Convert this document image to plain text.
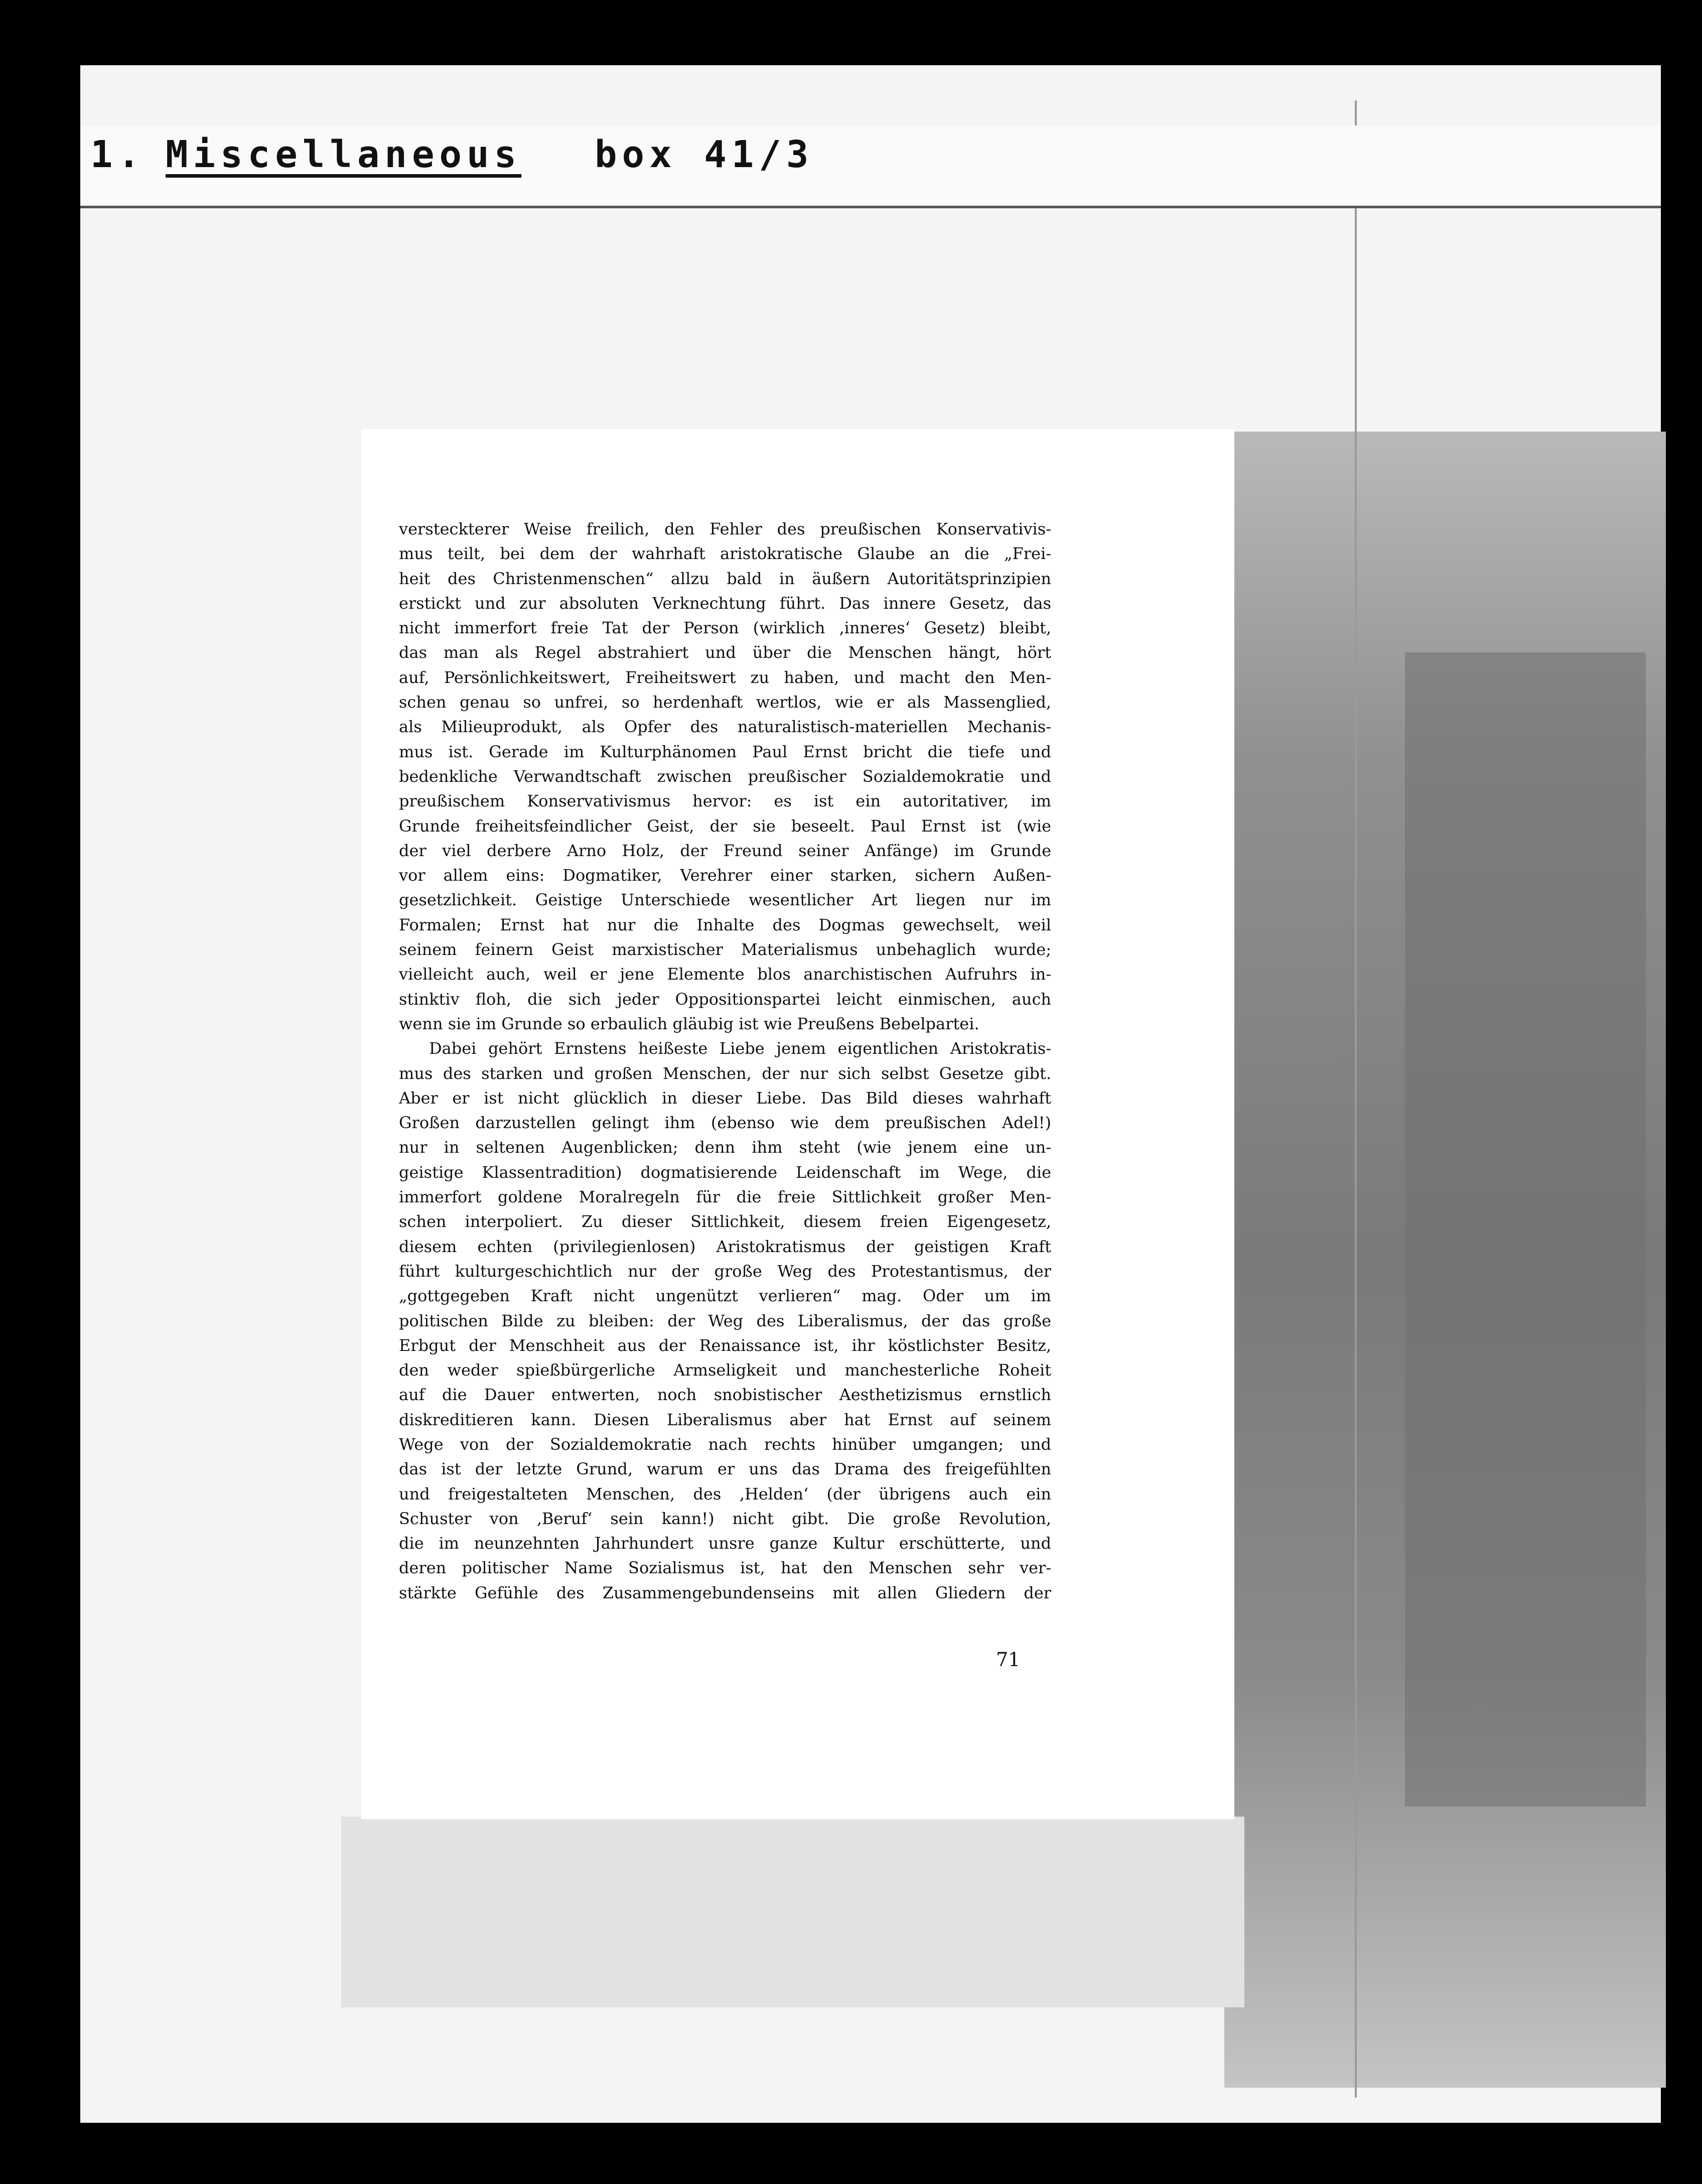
1. Miscellaneous box 41/3
versteckterer Weise freilich, den Fehler des preußischen Konservativis-
mus teilt, bei dem der wahrhaft aristokratische Glaube an die „Frei-
heit des Christenmenschen“ allzu bald in äußern Autoritätsprinzipien
erstickt und zur absoluten Verknechtung führt. Das innere Gesetz, das
nicht immerfort freie Tat der Person (wirklich ‚inneres‘ Gesetz) bleibt,
das man als Regel abstrahiert und über die Menschen hängt, hört
auf, Persönlichkeitswert, Freiheitswert zu haben, und macht den Men-
schen genau so unfrei, so herdenhaft wertlos, wie er als Massenglied,
als Milieuprodukt, als Opfer des naturalistisch-materiellen Mechanis-
mus ist. Gerade im Kulturphänomen Paul Ernst bricht die tiefe und
bedenkliche Verwandtschaft zwischen preußischer Sozialdemokratie und
preußischem Konservativismus hervor: es ist ein autoritativer, im
Grunde freiheitsfeindlicher Geist, der sie beseelt. Paul Ernst ist (wie
der viel derbere Arno Holz, der Freund seiner Anfänge) im Grunde
vor allem eins: Dogmatiker, Verehrer einer starken, sichern Außen-
gesetzlichkeit. Geistige Unterschiede wesentlicher Art liegen nur im
Formalen; Ernst hat nur die Inhalte des Dogmas gewechselt, weil
seinem feinern Geist marxistischer Materialismus unbehaglich wurde;
vielleicht auch, weil er jene Elemente blos anarchistischen Aufruhrs in-
stinktiv floh, die sich jeder Oppositionspartei leicht einmischen, auch
wenn sie im Grunde so erbaulich gläubig ist wie Preußens Bebelpartei.
Dabei gehört Ernstens heißeste Liebe jenem eigentlichen Aristokratis-
mus des starken und großen Menschen, der nur sich selbst Gesetze gibt.
Aber er ist nicht glücklich in dieser Liebe. Das Bild dieses wahrhaft
Großen darzustellen gelingt ihm (ebenso wie dem preußischen Adel!)
nur in seltenen Augenblicken; denn ihm steht (wie jenem eine un-
geistige Klassentradition) dogmatisierende Leidenschaft im Wege, die
immerfort goldene Moralregeln für die freie Sittlichkeit großer Men-
schen interpoliert. Zu dieser Sittlichkeit, diesem freien Eigengesetz,
diesem echten (privilegienlosen) Aristokratismus der geistigen Kraft
führt kulturgeschichtlich nur der große Weg des Protestantismus, der
„gottgegeben Kraft nicht ungenützt verlieren“ mag. Oder um im
politischen Bilde zu bleiben: der Weg des Liberalismus, der das große
Erbgut der Menschheit aus der Renaissance ist, ihr köstlichster Besitz,
den weder spießbürgerliche Armseligkeit und manchesterliche Roheit
auf die Dauer entwerten, noch snobistischer Aesthetizismus ernstlich
diskreditieren kann. Diesen Liberalismus aber hat Ernst auf seinem
Wege von der Sozialdemokratie nach rechts hinüber umgangen; und
das ist der letzte Grund, warum er uns das Drama des freigefühlten
und freigestalteten Menschen, des ‚Helden‘ (der übrigens auch ein
Schuster von ‚Beruf‘ sein kann!) nicht gibt. Die große Revolution,
die im neunzehnten Jahrhundert unsre ganze Kultur erschütterte, und
deren politischer Name Sozialismus ist, hat den Menschen sehr ver-
stärkte Gefühle des Zusammengebundenseins mit allen Gliedern der
71
